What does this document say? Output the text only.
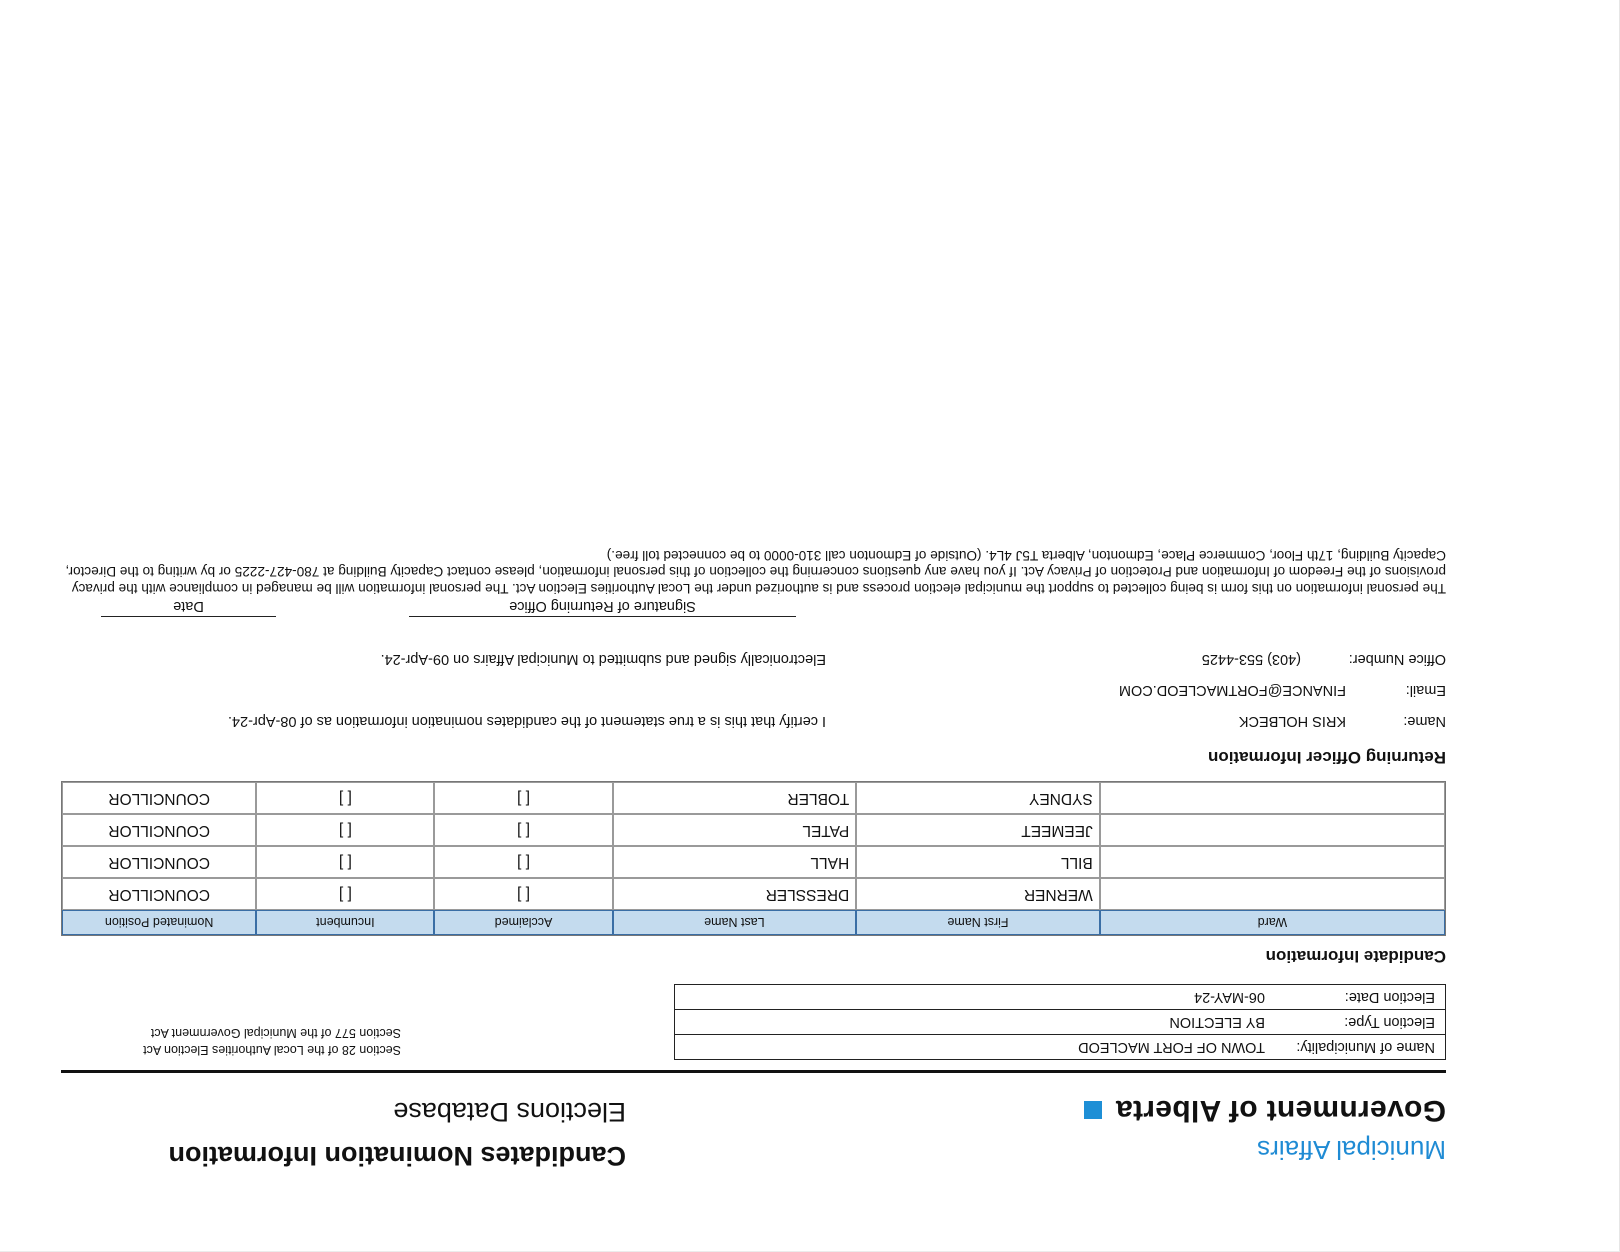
Government of Alberta
Municipal Affairs
Elections Database
Candidates Nomination Information
Name of Municipality:
TOWN OF FORT MACLEOD
Election Type:
BY ELECTION
Election Date:
06-MAY-24
Section 28 of the Local Authorities Election Act
Section 577 of the Municipal Government Act
Candidate Information
Ward	First Name	Last Name	Acclaimed	Incumbent	Nominated Position
	WERNER	DRESSLER	[ ]	[ ]	COUNCILLOR
	BILL	HALL	[ ]	[ ]	COUNCILLOR
	JEEMEET	PATEL	[ ]	[ ]	COUNCILLOR
	SYDNEY	TOBLER	[ ]	[ ]	COUNCILLOR
Returning Officer Information
Name:
KRIS HOLBECK
I certify that this is a true statement of the candidates nomination information as of 08-Apr-24.
Email:
FINANCE@FORTMACLEOD.COM
Office Number:
(403) 553-4425
Electronically signed and submitted to Municipal Affairs on 09-Apr-24.
Signature of Returning Office
Date

The personal information on this form is being collected to support the municipal election process and is authorized under the Local Authorities Election Act. The personal information will be managed in compliance with the privacy provisions of the Freedom of Information and Protection of Privacy Act. If you have any questions concerning the collection of this personal information, please contact Capacity Building at 780-427-2225 or by writing to the Director, Capacity Building, 17th Floor, Commerce Place, Edmonton, Alberta T5J 4L4. (Outside of Edmonton call 310-0000 to be connected toll free.)
